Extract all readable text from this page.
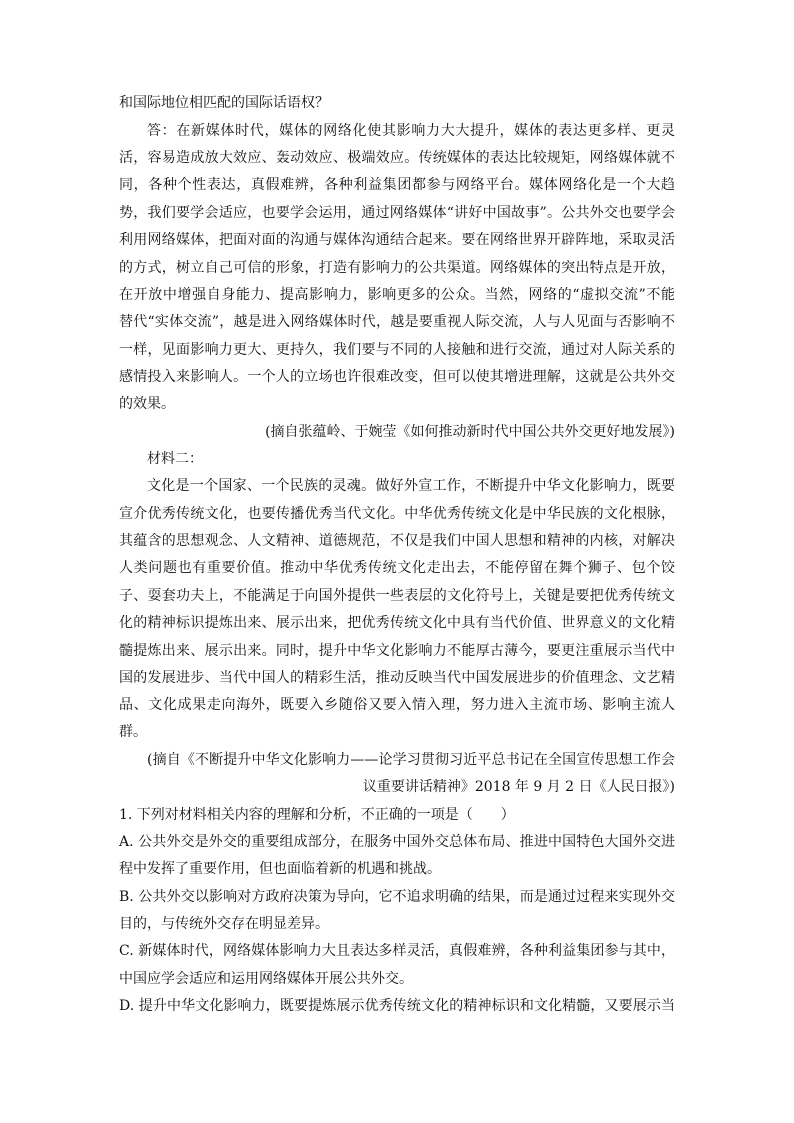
和国际地位相匹配的国际话语权？
答：在新媒体时代，媒体的网络化使其影响力大大提升，媒体的表达更多样、更灵
活，容易造成放大效应、轰动效应、极端效应。传统媒体的表达比较规矩，网络媒体就不
同，各种个性表达，真假难辨，各种利益集团都参与网络平台。媒体网络化是一个大趋
势，我们要学会适应，也要学会运用，通过网络媒体“讲好中国故事”。公共外交也要学会
利用网络媒体，把面对面的沟通与媒体沟通结合起来。要在网络世界开辟阵地，采取灵活
的方式，树立自己可信的形象，打造有影响力的公共渠道。网络媒体的突出特点是开放，
在开放中增强自身能力、提高影响力，影响更多的公众。当然，网络的“虚拟交流”不能
替代“实体交流”，越是进入网络媒体时代，越是要重视人际交流，人与人见面与否影响不
一样，见面影响力更大、更持久，我们要与不同的人接触和进行交流，通过对人际关系的
感情投入来影响人。一个人的立场也许很难改变，但可以使其增进理解，这就是公共外交
的效果。
(摘自张蕴岭、于婉莹《如何推动新时代中国公共外交更好地发展》)
材料二：
文化是一个国家、一个民族的灵魂。做好外宣工作，不断提升中华文化影响力，既要
宣介优秀传统文化，也要传播优秀当代文化。中华优秀传统文化是中华民族的文化根脉，
其蕴含的思想观念、人文精神、道德规范，不仅是我们中国人思想和精神的内核，对解决
人类问题也有重要价值。推动中华优秀传统文化走出去，不能停留在舞个狮子、包个饺
子、耍套功夫上，不能满足于向国外提供一些表层的文化符号上，关键是要把优秀传统文
化的精神标识提炼出来、展示出来，把优秀传统文化中具有当代价值、世界意义的文化精
髓提炼出来、展示出来。同时，提升中华文化影响力不能厚古薄今，要更注重展示当代中
国的发展进步、当代中国人的精彩生活，推动反映当代中国发展进步的价值理念、文艺精
品、文化成果走向海外，既要入乡随俗又要入情入理，努力进入主流市场、影响主流人
群。
(摘自《不断提升中华文化影响力——论学习贯彻习近平总书记在全国宣传思想工作会
议重要讲话精神》2018 年 9 月 2 日《人民日报》)
1. 下列对材料相关内容的理解和分析，不正确的一项是（　　）
A. 公共外交是外交的重要组成部分，在服务中国外交总体布局、推进中国特色大国外交进
程中发挥了重要作用，但也面临着新的机遇和挑战。
B. 公共外交以影响对方政府决策为导向，它不追求明确的结果，而是通过过程来实现外交
目的，与传统外交存在明显差异。
C. 新媒体时代，网络媒体影响力大且表达多样灵活，真假难辨，各种利益集团参与其中，
中国应学会适应和运用网络媒体开展公共外交。
D. 提升中华文化影响力，既要提炼展示优秀传统文化的精神标识和文化精髓，又要展示当
